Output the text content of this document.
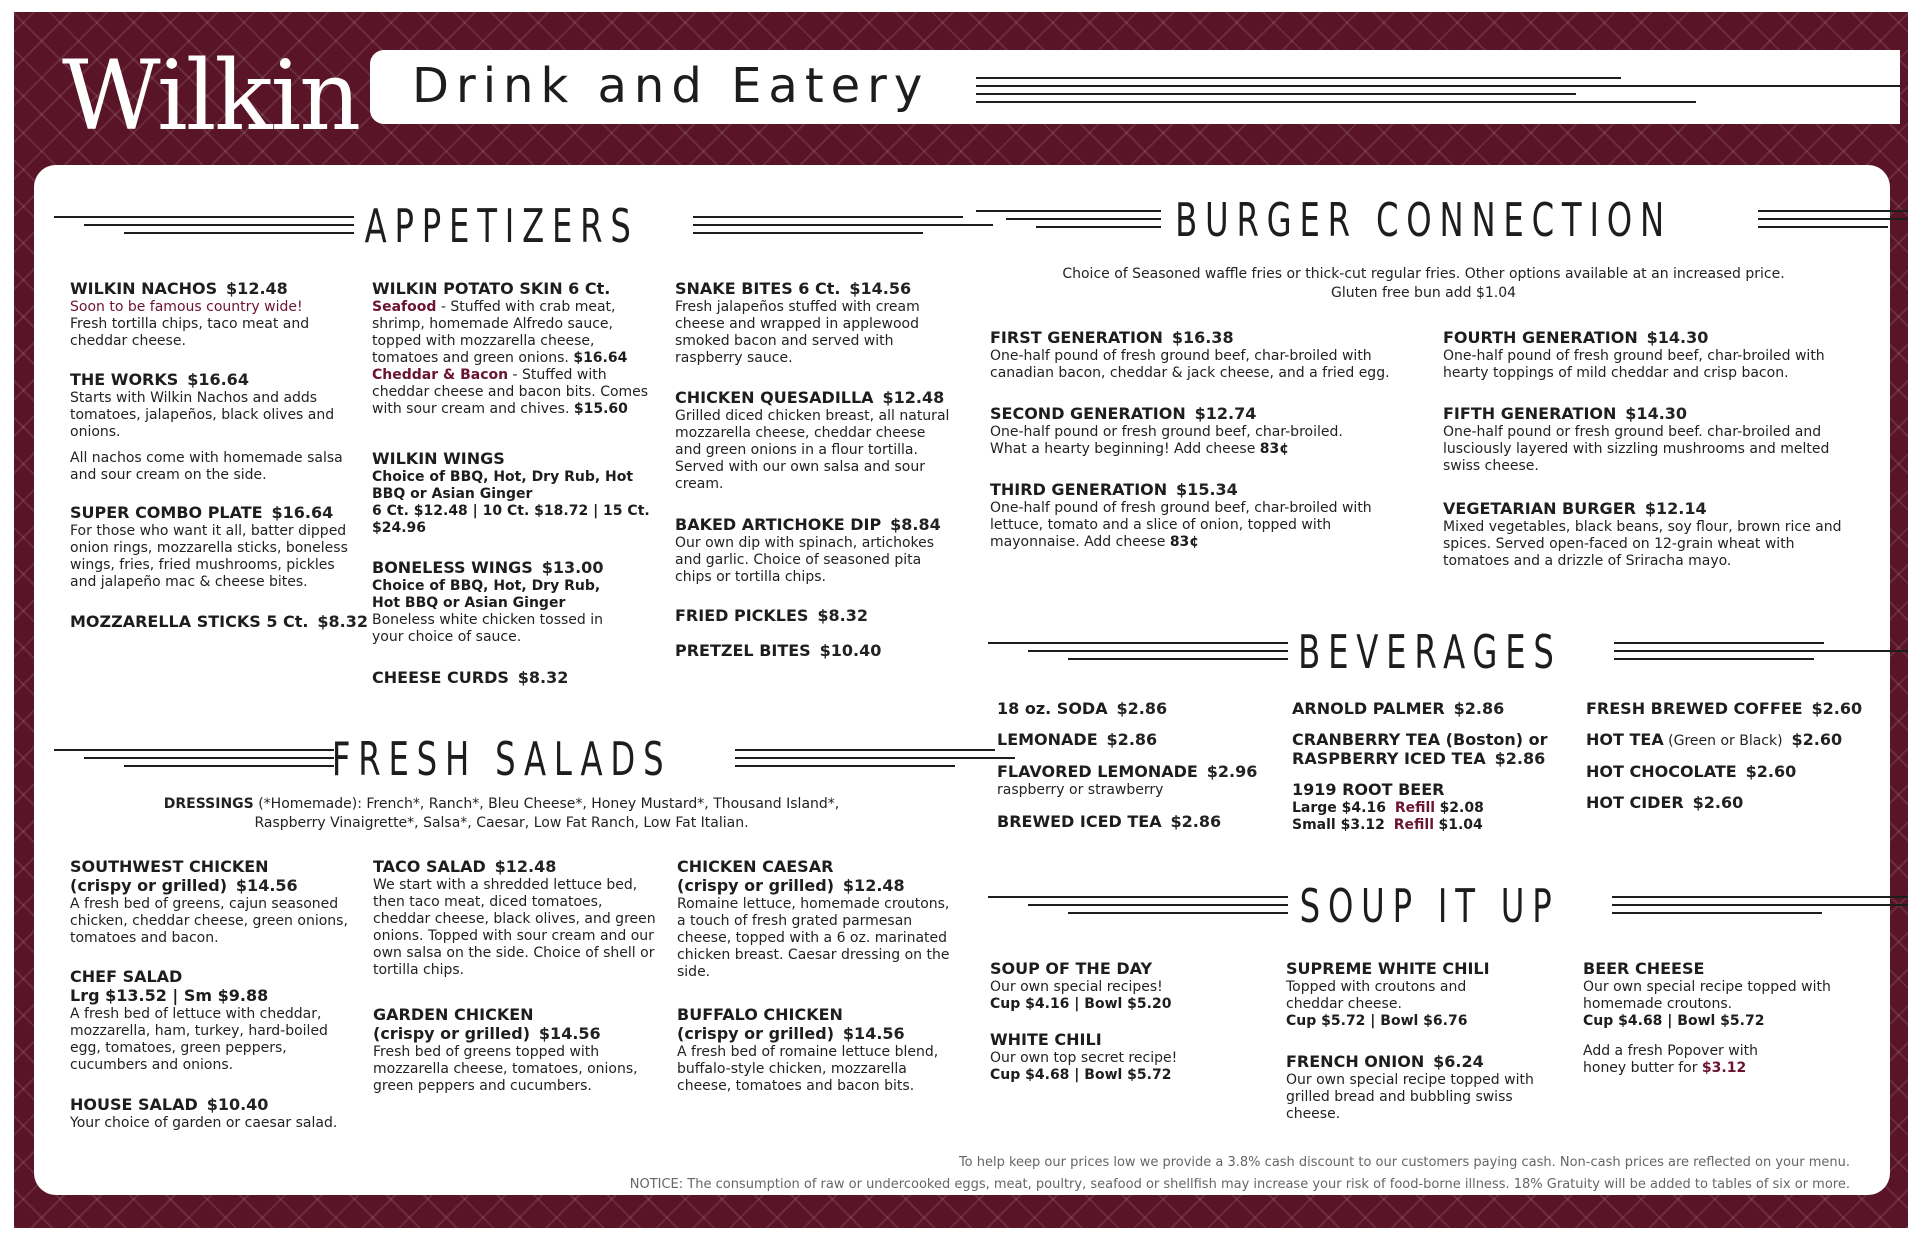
Wilkin Drink and Eatery
APPETIZERS
WILKIN NACHOS $12.48
Soon to be famous country wide!
Fresh tortilla chips, taco meat and cheddar cheese.
THE WORKS $16.64
Starts with Wilkin Nachos and adds tomatoes, jalapeños, black olives and onions.
All nachos come with homemade salsa and sour cream on the side.
SUPER COMBO PLATE $16.64
For those who want it all, batter dipped onion rings, mozzarella sticks, boneless wings, fries, fried mushrooms, pickles and jalapeño mac & cheese bites.
MOZZARELLA STICKS 5 Ct. $8.32
WILKIN POTATO SKIN 6 Ct.
Seafood - Stuffed with crab meat, shrimp, homemade Alfredo sauce, topped with mozzarella cheese, tomatoes and green onions. $16.64
Cheddar & Bacon - Stuffed with cheddar cheese and bacon bits. Comes with sour cream and chives. $15.60
WILKIN WINGS
Choice of BBQ, Hot, Dry Rub, Hot BBQ or Asian Ginger
6 Ct. $12.48 | 10 Ct. $18.72 | 15 Ct. $24.96
BONELESS WINGS $13.00
Choice of BBQ, Hot, Dry Rub, Hot BBQ or Asian Ginger
Boneless white chicken tossed in your choice of sauce.
CHEESE CURDS $8.32
SNAKE BITES 6 Ct. $14.56
Fresh jalapeños stuffed with cream cheese and wrapped in applewood smoked bacon and served with raspberry sauce.
CHICKEN QUESADILLA $12.48
Grilled diced chicken breast, all natural mozzarella cheese, cheddar cheese and green onions in a flour tortilla. Served with our own salsa and sour cream.
BAKED ARTICHOKE DIP $8.84
Our own dip with spinach, artichokes and garlic. Choice of seasoned pita chips or tortilla chips.
FRIED PICKLES $8.32
PRETZEL BITES $10.40
FRESH SALADS
DRESSINGS (*Homemade): French*, Ranch*, Bleu Cheese*, Honey Mustard*, Thousand Island*,
Raspberry Vinaigrette*, Salsa*, Caesar, Low Fat Ranch, Low Fat Italian.
SOUTHWEST CHICKEN
(crispy or grilled) $14.56
A fresh bed of greens, cajun seasoned chicken, cheddar cheese, green onions, tomatoes and bacon.
CHEF SALAD
Lrg $13.52 | Sm $9.88
A fresh bed of lettuce with cheddar, mozzarella, ham, turkey, hard-boiled egg, tomatoes, green peppers, cucumbers and onions.
HOUSE SALAD $10.40
Your choice of garden or caesar salad.
TACO SALAD $12.48
We start with a shredded lettuce bed, then taco meat, diced tomatoes, cheddar cheese, black olives, and green onions. Topped with sour cream and our own salsa on the side. Choice of shell or tortilla chips.
GARDEN CHICKEN
(crispy or grilled) $14.56
Fresh bed of greens topped with mozzarella cheese, tomatoes, onions, green peppers and cucumbers.
CHICKEN CAESAR
(crispy or grilled) $12.48
Romaine lettuce, homemade croutons, a touch of fresh grated parmesan cheese, topped with a 6 oz. marinated chicken breast. Caesar dressing on the side.
BUFFALO CHICKEN
(crispy or grilled) $14.56
A fresh bed of romaine lettuce blend, buffalo-style chicken, mozzarella cheese, tomatoes and bacon bits.
BURGER CONNECTION
Choice of Seasoned waffle fries or thick-cut regular fries. Other options available at an increased price.
Gluten free bun add $1.04
FIRST GENERATION $16.38
One-half pound of fresh ground beef, char-broiled with canadian bacon, cheddar & jack cheese, and a fried egg.
SECOND GENERATION $12.74
One-half pound or fresh ground beef, char-broiled. What a hearty beginning! Add cheese 83¢
THIRD GENERATION $15.34
One-half pound of fresh ground beef, char-broiled with lettuce, tomato and a slice of onion, topped with mayonnaise. Add cheese 83¢
FOURTH GENERATION $14.30
One-half pound of fresh ground beef, char-broiled with hearty toppings of mild cheddar and crisp bacon.
FIFTH GENERATION $14.30
One-half pound or fresh ground beef. char-broiled and lusciously layered with sizzling mushrooms and melted swiss cheese.
VEGETARIAN BURGER $12.14
Mixed vegetables, black beans, soy flour, brown rice and spices. Served open-faced on 12-grain wheat with tomatoes and a drizzle of Sriracha mayo.
BEVERAGES
18 oz. SODA $2.86
LEMONADE $2.86
FLAVORED LEMONADE $2.96
raspberry or strawberry
BREWED ICED TEA $2.86
ARNOLD PALMER $2.86
CRANBERRY TEA (Boston) or RASPBERRY ICED TEA $2.86
1919 ROOT BEER
Large $4.16 Refill $2.08
Small $3.12 Refill $1.04
FRESH BREWED COFFEE $2.60
HOT TEA (Green or Black) $2.60
HOT CHOCOLATE $2.60
HOT CIDER $2.60
SOUP IT UP
SOUP OF THE DAY
Our own special recipes!
Cup $4.16 | Bowl $5.20
WHITE CHILI
Our own top secret recipe!
Cup $4.68 | Bowl $5.72
SUPREME WHITE CHILI
Topped with croutons and cheddar cheese.
Cup $5.72 | Bowl $6.76
FRENCH ONION $6.24
Our own special recipe topped with grilled bread and bubbling swiss cheese.
BEER CHEESE
Our own special recipe topped with homemade croutons.
Cup $4.68 | Bowl $5.72
Add a fresh Popover with honey butter for $3.12
To help keep our prices low we provide a 3.8% cash discount to our customers paying cash. Non-cash prices are reflected on your menu.
NOTICE: The consumption of raw or undercooked eggs, meat, poultry, seafood or shellfish may increase your risk of food-borne illness. 18% Gratuity will be added to tables of six or more.
